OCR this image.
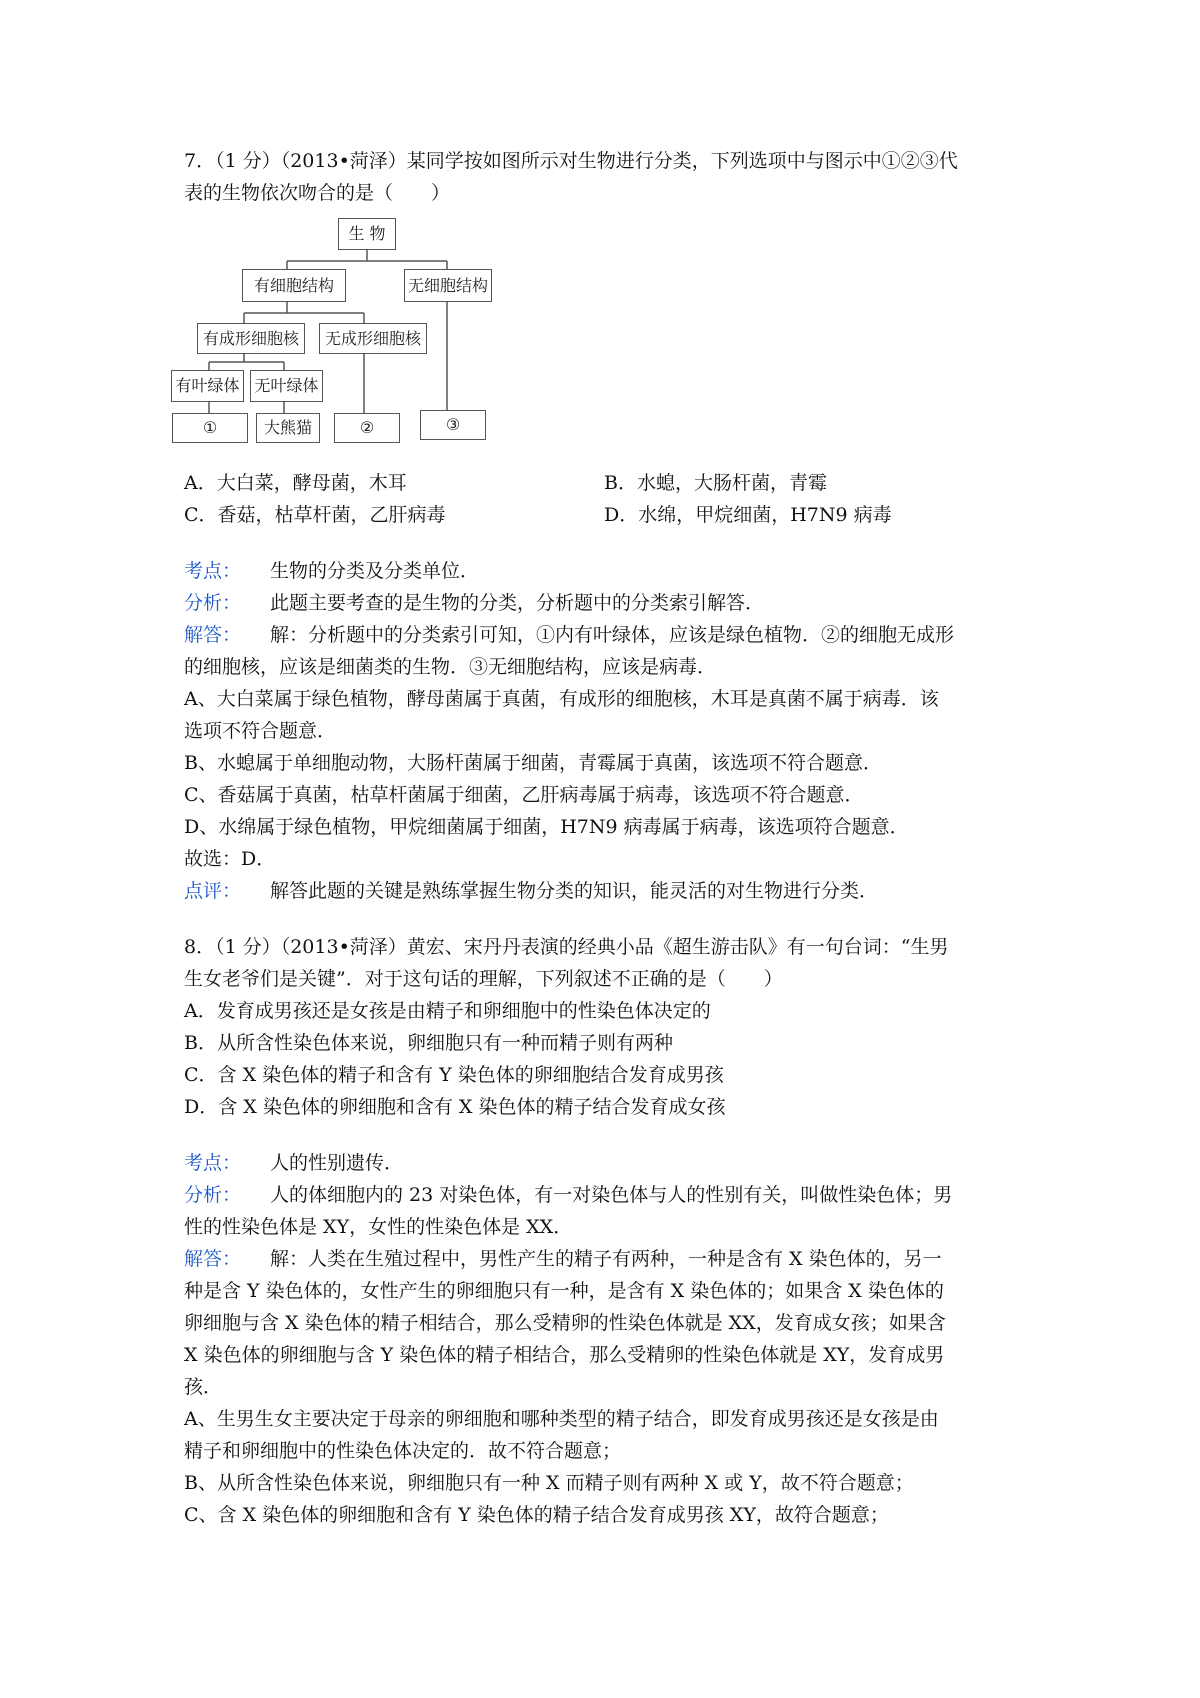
7．（1 分）（2013•菏泽）某同学按如图所示对生物进行分类，下列选项中与图示中①②③代

表的生物依次吻合的是（　　）

生 物
有细胞结构	无细胞结构
有成形细胞核	无成形细胞核
有叶绿体 无叶绿体
①	大熊猫	②	③
A．大白菜，酵母菌，木耳	B．水螅，大肠杆菌，青霉
C．香菇，枯草杆菌，乙肝病毒	D．水绵，甲烷细菌，H7N9 病毒

考点： 生物的分类及分类单位．

分析： 此题主要考查的是生物的分类，分析题中的分类索引解答．

解答： 解：分析题中的分类索引可知，①内有叶绿体，应该是绿色植物．②的细胞无成形

的细胞核，应该是细菌类的生物．③无细胞结构，应该是病毒．

A、大白菜属于绿色植物，酵母菌属于真菌，有成形的细胞核，木耳是真菌不属于病毒．该

选项不符合题意．

B、水螅属于单细胞动物，大肠杆菌属于细菌，青霉属于真菌，该选项不符合题意．

C、香菇属于真菌，枯草杆菌属于细菌，乙肝病毒属于病毒，该选项不符合题意．

D、水绵属于绿色植物，甲烷细菌属于细菌，H7N9 病毒属于病毒，该选项符合题意．

故选：D．

点评： 解答此题的关键是熟练掌握生物分类的知识，能灵活的对生物进行分类．

8．（1 分）（2013•菏泽）黄宏、宋丹丹表演的经典小品《超生游击队》有一句台词：“生男

生女老爷们是关键”．对于这句话的理解，下列叙述不正确的是（　　）

A．发育成男孩还是女孩是由精子和卵细胞中的性染色体决定的

B．从所含性染色体来说，卵细胞只有一种而精子则有两种

C．含 X 染色体的精子和含有 Y 染色体的卵细胞结合发育成男孩

D．含 X 染色体的卵细胞和含有 X 染色体的精子结合发育成女孩

考点： 人的性别遗传．

分析： 人的体细胞内的 23 对染色体，有一对染色体与人的性别有关，叫做性染色体；男

性的性染色体是 XY，女性的性染色体是 XX．

解答： 解：人类在生殖过程中，男性产生的精子有两种，一种是含有 X 染色体的，另一

种是含 Y 染色体的，女性产生的卵细胞只有一种，是含有 X 染色体的；如果含 X 染色体的

卵细胞与含 X 染色体的精子相结合，那么受精卵的性染色体就是 XX，发育成女孩；如果含

X 染色体的卵细胞与含 Y 染色体的精子相结合，那么受精卵的性染色体就是 XY，发育成男

孩．

A、生男生女主要决定于母亲的卵细胞和哪种类型的精子结合，即发育成男孩还是女孩是由

精子和卵细胞中的性染色体决定的．故不符合题意；

B、从所含性染色体来说，卵细胞只有一种 X 而精子则有两种 X 或 Y，故不符合题意；

C、含 X 染色体的卵细胞和含有 Y 染色体的精子结合发育成男孩 XY，故符合题意；
